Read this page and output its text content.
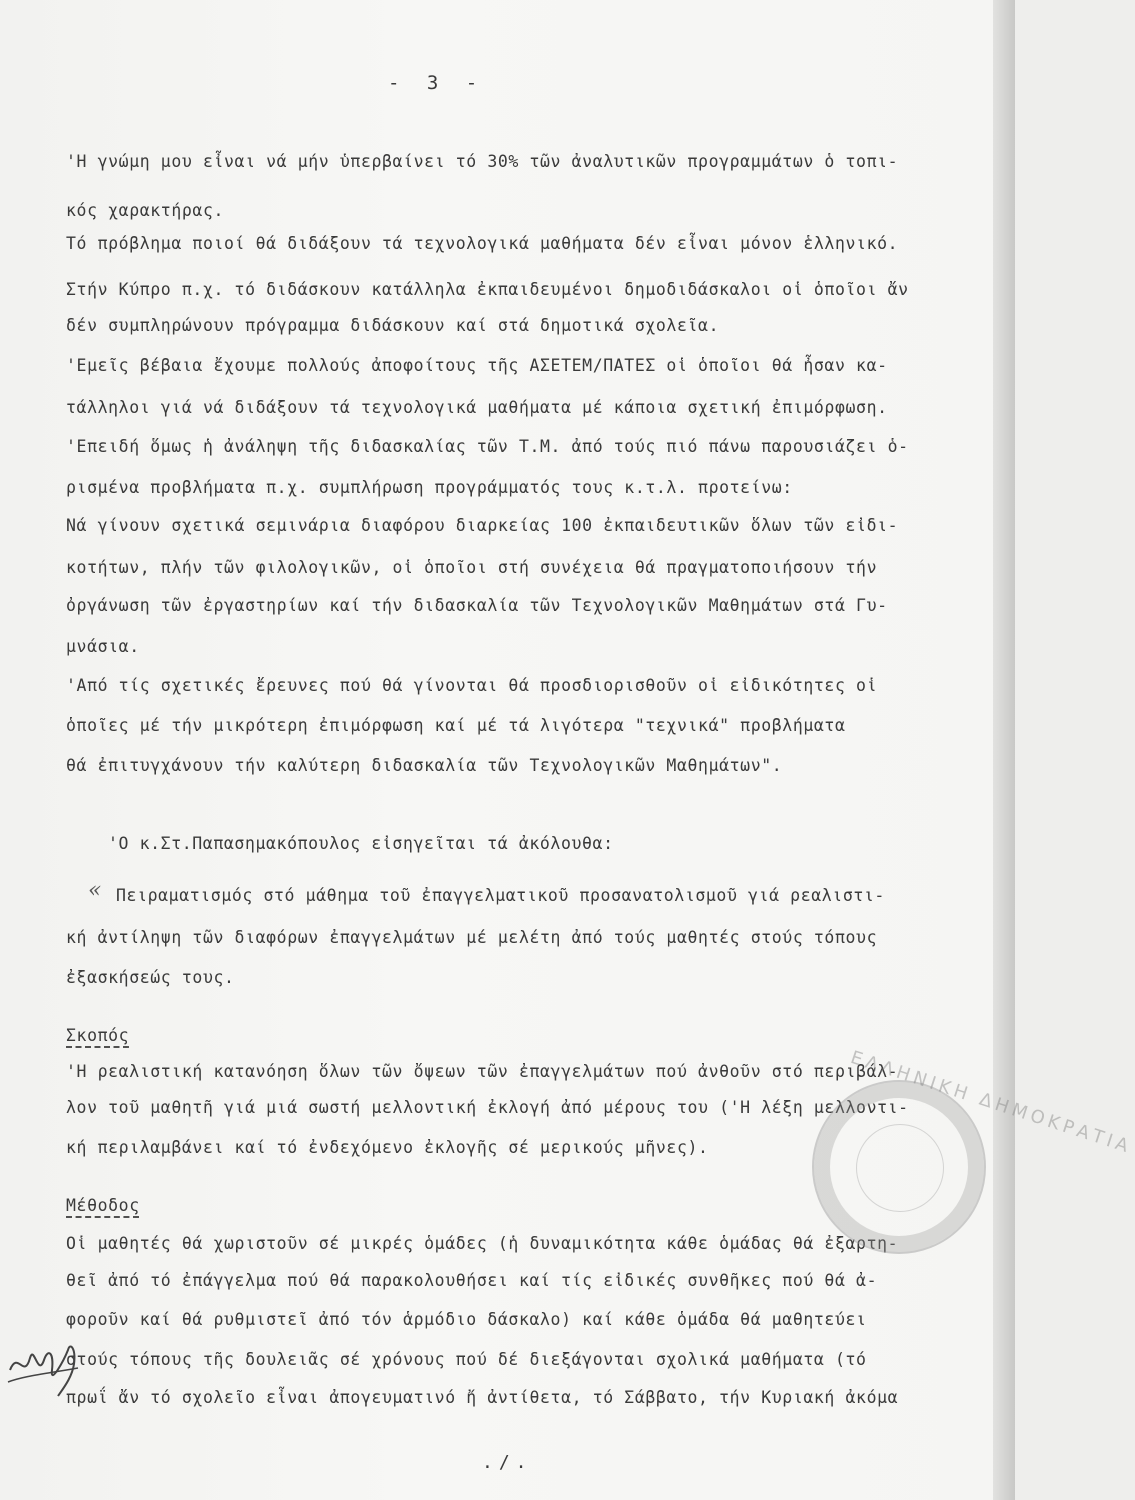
- 3 -
'Η γνώμη μου εἶναι νά μήν ὑπερβαίνει τό 30% τῶν ἀναλυτικῶν προγραμμάτων ὁ τοπι-
κός χαρακτήρας.
Τό πρόβλημα ποιοί θά διδάξουν τά τεχνολογικά μαθήματα δέν εἶναι μόνον ἑλληνικό.
Στήν Κύπρο π.χ. τό διδάσκουν κατάλληλα ἐκπαιδευμένοι δημοδιδάσκαλοι οἱ ὁποῖοι ἄν
δέν συμπληρώνουν πρόγραμμα διδάσκουν καί στά δημοτικά σχολεῖα.
'Εμεῖς βέβαια ἔχουμε πολλούς ἀποφοίτους τῆς ΑΣΕΤΕΜ/ΠΑΤΕΣ οἱ ὁποῖοι θά ἦσαν κα-
τάλληλοι γιά νά διδάξουν τά τεχνολογικά μαθήματα μέ κάποια σχετική ἐπιμόρφωση.
'Επειδή ὅμως ἡ ἀνάληψη τῆς διδασκαλίας τῶν Τ.Μ. ἀπό τούς πιό πάνω παρουσιάζει ὁ-
ρισμένα προβλήματα π.χ. συμπλήρωση προγράμματός τους κ.τ.λ. προτείνω:
Νά γίνουν σχετικά σεμινάρια διαφόρου διαρκείας 100 ἐκπαιδευτικῶν ὅλων τῶν εἰδι-
κοτήτων, πλήν τῶν φιλολογικῶν, οἱ ὁποῖοι στή συνέχεια θά πραγματοποιήσουν τήν
ὀργάνωση τῶν ἐργαστηρίων καί τήν διδασκαλία τῶν Τεχνολογικῶν Μαθημάτων στά Γυ-
μνάσια.
'Από τίς σχετικές ἔρευνες πού θά γίνονται θά προσδιορισθοῦν οἱ εἰδικότητες οἱ
ὁποῖες μέ τήν μικρότερη ἐπιμόρφωση καί μέ τά λιγότερα "τεχνικά" προβλήματα
θά ἐπιτυγχάνουν τήν καλύτερη διδασκαλία τῶν Τεχνολογικῶν Μαθημάτων".
'Ο κ.Στ.Παπασημακόπουλος εἰσηγεῖται τά ἀκόλουθα:
« Πειραματισμός στό μάθημα τοῦ ἐπαγγελματικοῦ προσανατολισμοῦ γιά ρεαλιστι-
κή ἀντίληψη τῶν διαφόρων ἐπαγγελμάτων μέ μελέτη ἀπό τούς μαθητές στούς τόπους
ἐξασκήσεώς τους.
Σκοπός
'Η ρεαλιστική κατανόηση ὅλων τῶν ὄψεων τῶν ἐπαγγελμάτων πού ἀνθοῦν στό περιβάλ-
λον τοῦ μαθητῆ γιά μιά σωστή μελλοντική ἐκλογή ἀπό μέρους του ('Η λέξη μελλοντι-
κή περιλαμβάνει καί τό ἐνδεχόμενο ἐκλογῆς σέ μερικούς μῆνες).
Μέθοδος
Οἱ μαθητές θά χωριστοῦν σέ μικρές ὁμάδες (ἡ δυναμικότητα κάθε ὁμάδας θά ἐξαρτη-
θεῖ ἀπό τό ἐπάγγελμα πού θά παρακολουθήσει καί τίς εἰδικές συνθῆκες πού θά ἀ-
φοροῦν καί θά ρυθμιστεῖ ἀπό τόν ἁρμόδιο δάσκαλο) καί κάθε ὁμάδα θά μαθητεύει
στούς τόπους τῆς δουλειᾶς σέ χρόνους πού δέ διεξάγονται σχολικά μαθήματα (τό
πρωΐ ἄν τό σχολεῖο εἶναι ἀπογευματινό ἤ ἀντίθετα, τό Σάββατο, τήν Κυριακή ἀκόμα
ΕΛΛΗΝΙΚΗ ΔΗΜΟΚΡΑΤΙΑ
./.
